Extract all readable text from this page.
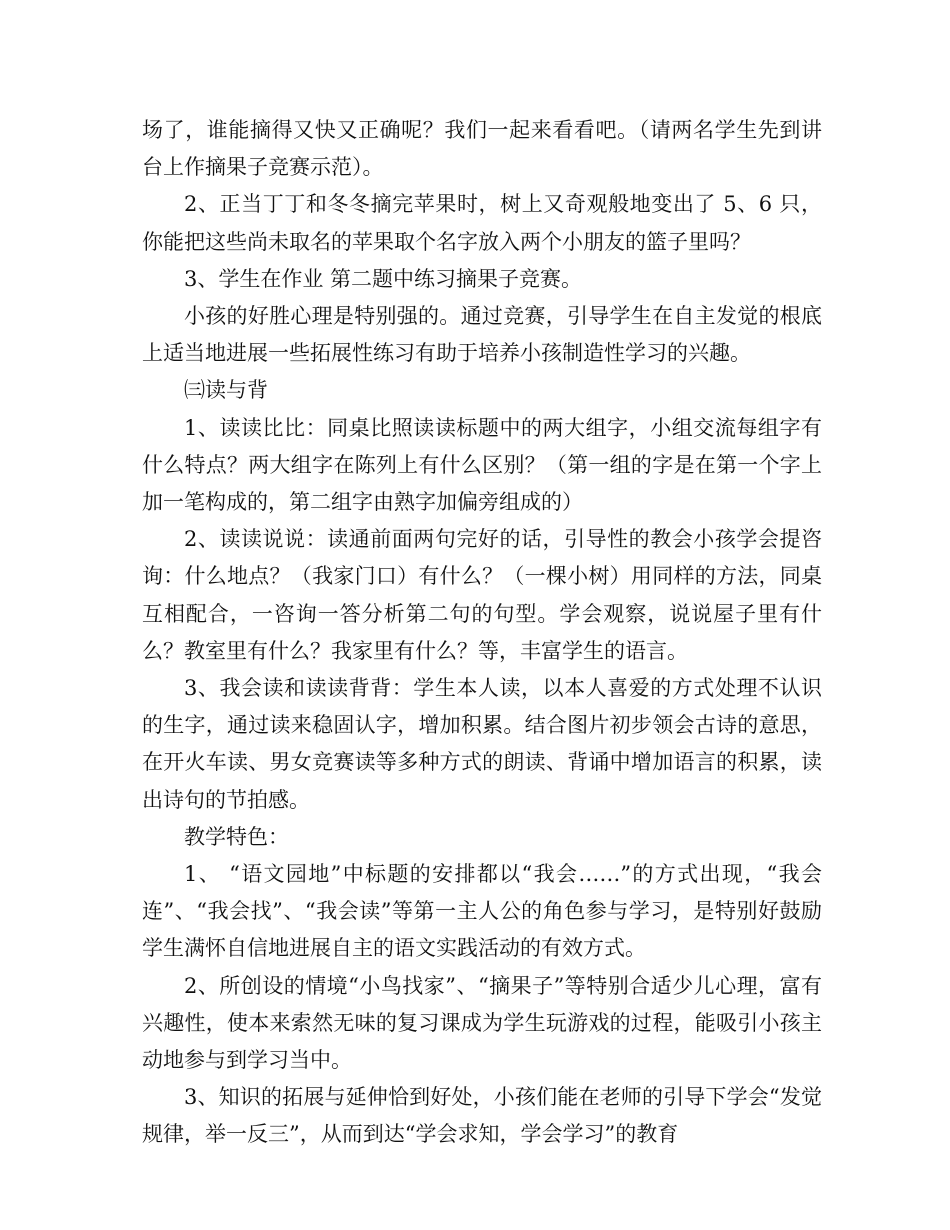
场了，谁能摘得又快又正确呢？我们一起来看看吧。（请两名学生先到讲台上作摘果子竞赛示范）。

2、正当丁丁和冬冬摘完苹果时，树上又奇观般地变出了 5、6 只，你能把这些尚未取名的苹果取个名字放入两个小朋友的篮子里吗？

3、学生在作业 第二题中练习摘果子竞赛。

小孩的好胜心理是特别强的。通过竞赛，引导学生在自主发觉的根底上适当地进展一些拓展性练习有助于培养小孩制造性学习的兴趣。

㈢读与背

1、读读比比：同桌比照读读标题中的两大组字，小组交流每组字有什么特点？两大组字在陈列上有什么区别？（第一组的字是在第一个字上加一笔构成的，第二组字由熟字加偏旁组成的）

2、读读说说：读通前面两句完好的话，引导性的教会小孩学会提咨询：什么地点？（我家门口）有什么？（一棵小树）用同样的方法，同桌互相配合，一咨询一答分析第二句的句型。学会观察，说说屋子里有什么？教室里有什么？我家里有什么？等，丰富学生的语言。

3、我会读和读读背背：学生本人读，以本人喜爱的方式处理不认识的生字，通过读来稳固认字，增加积累。结合图片初步领会古诗的意思，在开火车读、男女竞赛读等多种方式的朗读、背诵中增加语言的积累，读出诗句的节拍感。

教学特色：

1、 “语文园地”中标题的安排都以“我会……”的方式出现，“我会连”、“我会找”、“我会读”等第一主人公的角色参与学习，是特别好鼓励学生满怀自信地进展自主的语文实践活动的有效方式。

2、所创设的情境“小鸟找家”、“摘果子”等特别合适少儿心理，富有兴趣性，使本来索然无味的复习课成为学生玩游戏的过程，能吸引小孩主动地参与到学习当中。

3、知识的拓展与延伸恰到好处，小孩们能在老师的引导下学会“发觉规律，举一反三”，从而到达“学会求知，学会学习”的教育
